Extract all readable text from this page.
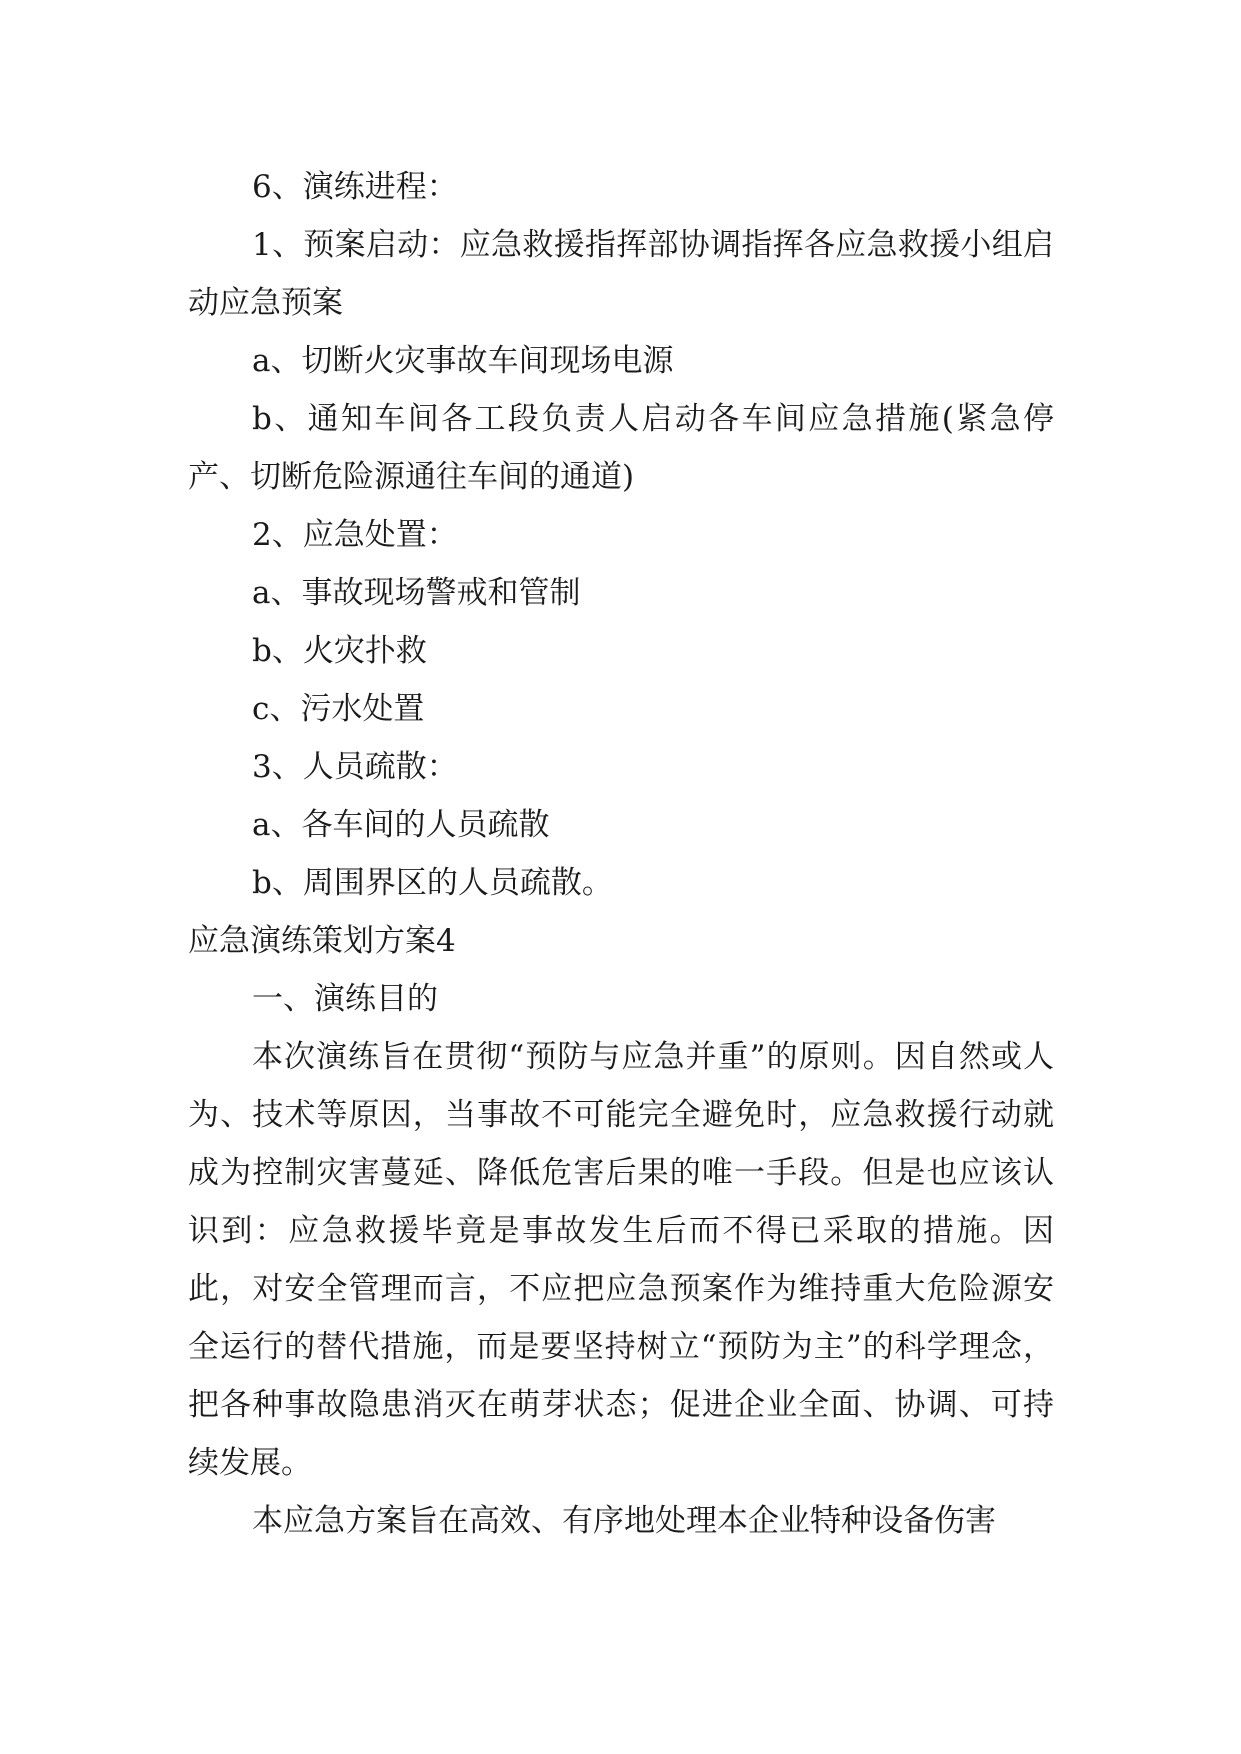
6、演练进程：

1、预案启动：应急救援指挥部协调指挥各应急救援小组启动应急预案

a、切断火灾事故车间现场电源

b、通知车间各工段负责人启动各车间应急措施(紧急停产、切断危险源通往车间的通道)

2、应急处置：

a、事故现场警戒和管制

b、火灾扑救

c、污水处置

3、人员疏散：

a、各车间的人员疏散

b、周围界区的人员疏散。

应急演练策划方案4

一、演练目的

本次演练旨在贯彻“预防与应急并重”的原则。因自然或人为、技术等原因，当事故不可能完全避免时，应急救援行动就成为控制灾害蔓延、降低危害后果的唯一手段。但是也应该认识到：应急救援毕竟是事故发生后而不得已采取的措施。因此，对安全管理而言，不应把应急预案作为维持重大危险源安全运行的替代措施，而是要坚持树立“预防为主”的科学理念，把各种事故隐患消灭在萌芽状态；促进企业全面、协调、可持续发展。

本应急方案旨在高效、有序地处理本企业特种设备伤害
